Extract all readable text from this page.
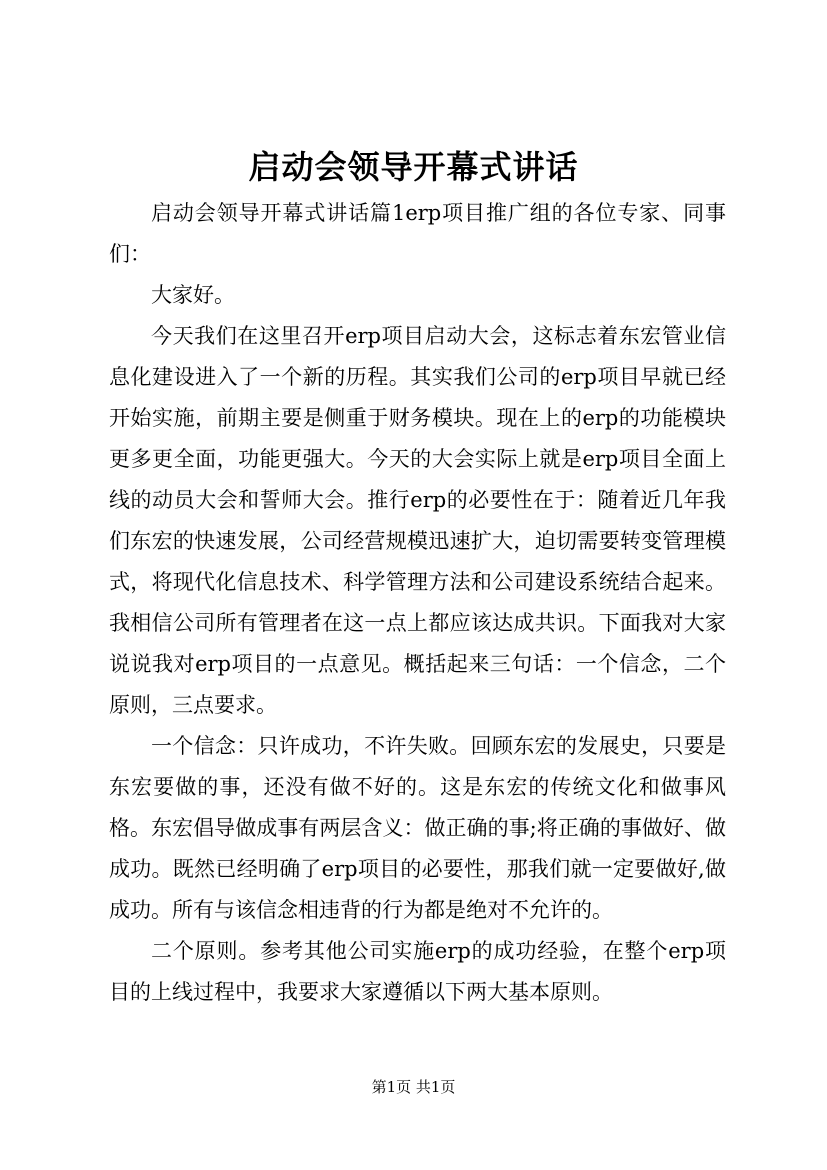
启动会领导开幕式讲话

启动会领导开幕式讲话篇1erp项目推广组的各位专家、同事们：

大家好。

今天我们在这里召开erp项目启动大会，这标志着东宏管业信息化建设进入了一个新的历程。其实我们公司的erp项目早就已经开始实施，前期主要是侧重于财务模块。现在上的erp的功能模块更多更全面，功能更强大。今天的大会实际上就是erp项目全面上线的动员大会和誓师大会。推行erp的必要性在于：随着近几年我们东宏的快速发展，公司经营规模迅速扩大，迫切需要转变管理模式，将现代化信息技术、科学管理方法和公司建设系统结合起来。我相信公司所有管理者在这一点上都应该达成共识。下面我对大家说说我对erp项目的一点意见。概括起来三句话：一个信念，二个原则，三点要求。

一个信念：只许成功，不许失败。回顾东宏的发展史，只要是东宏要做的事，还没有做不好的。这是东宏的传统文化和做事风格。东宏倡导做成事有两层含义：做正确的事;将正确的事做好、做成功。既然已经明确了erp项目的必要性，那我们就一定要做好,做成功。所有与该信念相违背的行为都是绝对不允许的。

二个原则。参考其他公司实施erp的成功经验，在整个erp项目的上线过程中，我要求大家遵循以下两大基本原则。

第1页 共1页
